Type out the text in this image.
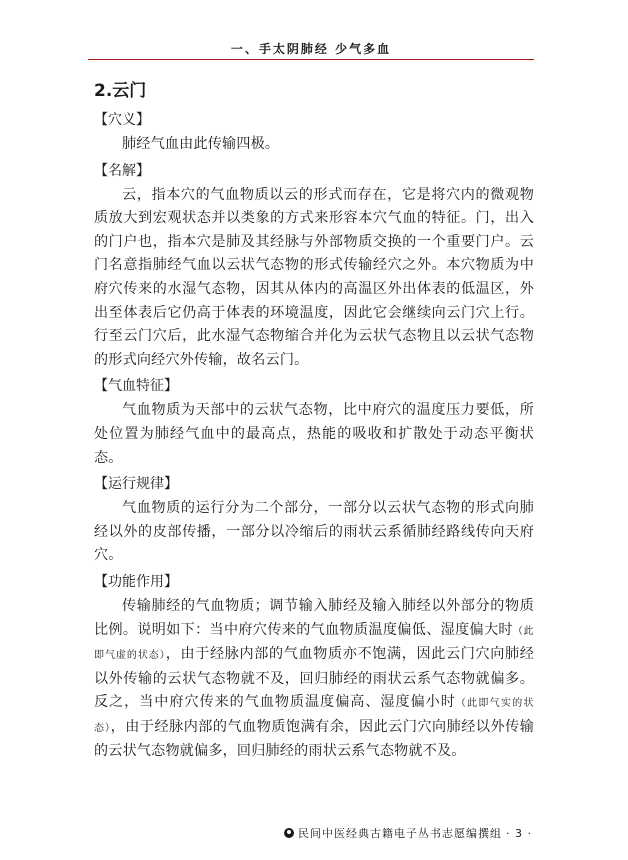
一、手太阴肺经 少气多血
2.云门
【穴义】

肺经气血由此传输四极。

【名解】

云，指本穴的气血物质以云的形式而存在，它是将穴内的微观物质放大到宏观状态并以类象的方式来形容本穴气血的特征。门，出入的门户也，指本穴是肺及其经脉与外部物质交换的一个重要门户。云门名意指肺经气血以云状气态物的形式传输经穴之外。本穴物质为中府穴传来的水湿气态物，因其从体内的高温区外出体表的低温区，外出至体表后它仍高于体表的环境温度，因此它会继续向云门穴上行。行至云门穴后，此水湿气态物缩合并化为云状气态物且以云状气态物的形式向经穴外传输，故名云门。

【气血特征】

气血物质为天部中的云状气态物，比中府穴的温度压力要低，所处位置为肺经气血中的最高点，热能的吸收和扩散处于动态平衡状态。

【运行规律】

气血物质的运行分为二个部分，一部分以云状气态物的形式向肺经以外的皮部传播，一部分以冷缩后的雨状云系循肺经路线传向天府穴。

【功能作用】

传输肺经的气血物质；调节输入肺经及输入肺经以外部分的物质比例。说明如下：当中府穴传来的气血物质温度偏低、湿度偏大时（此即气虚的状态），由于经脉内部的气血物质亦不饱满，因此云门穴向肺经以外传输的云状气态物就不及，回归肺经的雨状云系气态物就偏多。反之，当中府穴传来的气血物质温度偏高、湿度偏小时（此即气实的状态），由于经脉内部的气血物质饱满有余，因此云门穴向肺经以外传输的云状气态物就偏多，回归肺经的雨状云系气态物就不及。

民间中医经典古籍电子丛书志愿编撰组 · 3 ·
